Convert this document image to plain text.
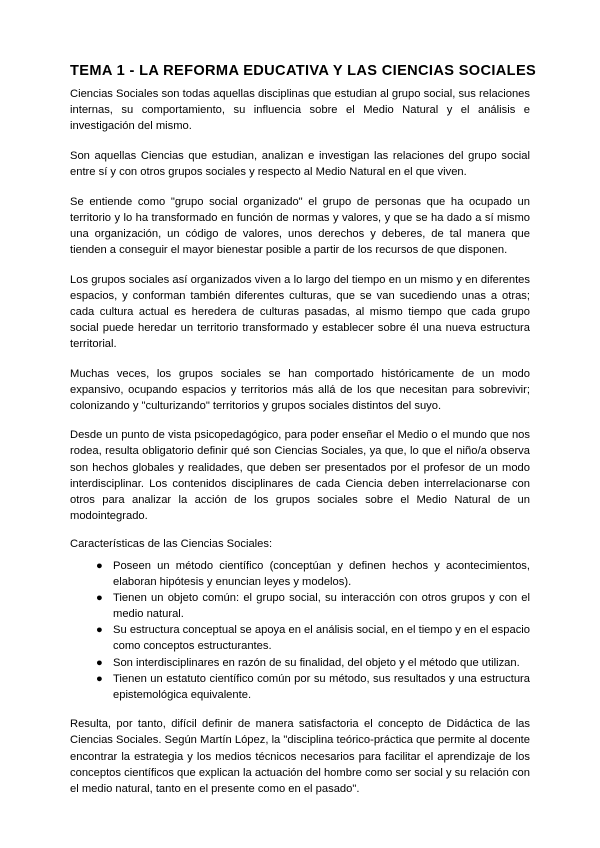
TEMA 1 - LA REFORMA EDUCATIVA Y LAS CIENCIAS SOCIALES

Ciencias Sociales son todas aquellas disciplinas que estudian al grupo social, sus relaciones internas, su comportamiento, su influencia sobre el Medio Natural y el análisis e investigación del mismo.

Son aquellas Ciencias que estudian, analizan e investigan las relaciones del grupo social entre sí y con otros grupos sociales y respecto al Medio Natural en el que viven.

Se entiende como "grupo social organizado" el grupo de personas que ha ocupado un territorio y lo ha transformado en función de normas y valores, y que se ha dado a sí mismo una organización, un código de valores, unos derechos y deberes, de tal manera que tienden a conseguir el mayor bienestar posible a partir de los recursos de que disponen.

Los grupos sociales así organizados viven a lo largo del tiempo en un mismo y en diferentes espacios, y conforman también diferentes culturas, que se van sucediendo unas a otras; cada cultura actual es heredera de culturas pasadas, al mismo tiempo que cada grupo social puede heredar un territorio transformado y establecer sobre él una nueva estructura territorial.

Muchas veces, los grupos sociales se han comportado históricamente de un modo expansivo, ocupando espacios y territorios más allá de los que necesitan para sobrevivir; colonizando y "culturizando" territorios y grupos sociales distintos del suyo.

Desde un punto de vista psicopedagógico, para poder enseñar el Medio o el mundo que nos rodea, resulta obligatorio definir qué son Ciencias Sociales, ya que, lo que el niño/a observa son hechos globales y realidades, que deben ser presentados por el profesor de un modo interdisciplinar. Los contenidos disciplinares de cada Ciencia deben interrelacionarse con otros para analizar la acción de los grupos sociales sobre el Medio Natural de un modointegrado.

Características de las Ciencias Sociales:

● Poseen un método científico (conceptúan y definen hechos y acontecimientos, elaboran hipótesis y enuncian leyes y modelos).
● Tienen un objeto común: el grupo social, su interacción con otros grupos y con el medio natural.
● Su estructura conceptual se apoya en el análisis social, en el tiempo y en el espacio como conceptos estructurantes.
● Son interdisciplinares en razón de su finalidad, del objeto y el método que utilizan.
● Tienen un estatuto científico común por su método, sus resultados y una estructura epistemológica equivalente.

Resulta, por tanto, difícil definir de manera satisfactoria el concepto de Didáctica de las Ciencias Sociales. Según Martín López, la "disciplina teórico-práctica que permite al docente encontrar la estrategia y los medios técnicos necesarios para facilitar el aprendizaje de los conceptos científicos que explican la actuación del hombre como ser social y su relación con el medio natural, tanto en el presente como en el pasado".
